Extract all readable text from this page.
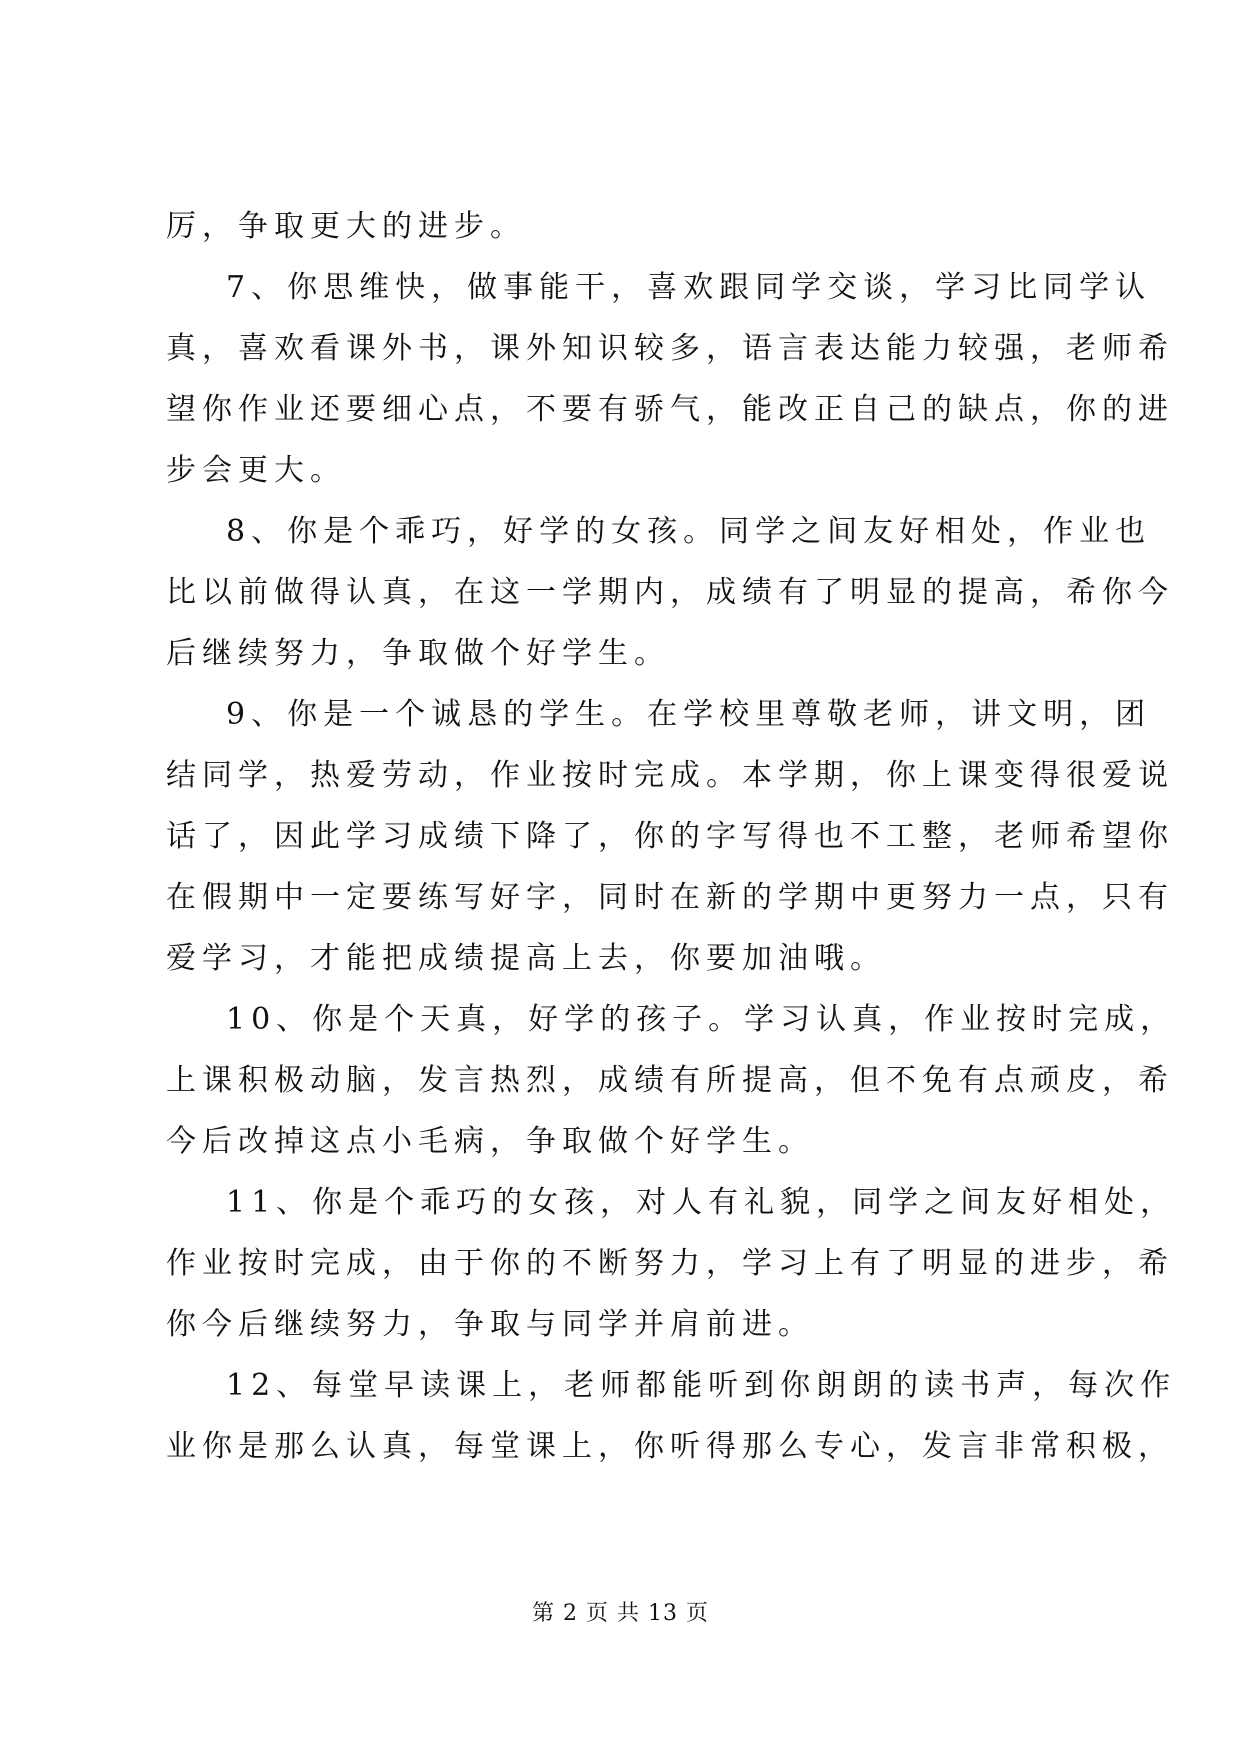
厉，争取更大的进步。
7、你思维快，做事能干，喜欢跟同学交谈，学习比同学认
真，喜欢看课外书，课外知识较多，语言表达能力较强，老师希
望你作业还要细心点，不要有骄气，能改正自己的缺点，你的进
步会更大。
8、你是个乖巧，好学的女孩。同学之间友好相处，作业也
比以前做得认真，在这一学期内，成绩有了明显的提高，希你今
后继续努力，争取做个好学生。
9、你是一个诚恳的学生。在学校里尊敬老师，讲文明，团
结同学，热爱劳动，作业按时完成。本学期，你上课变得很爱说
话了，因此学习成绩下降了，你的字写得也不工整，老师希望你
在假期中一定要练写好字，同时在新的学期中更努力一点，只有
爱学习，才能把成绩提高上去，你要加油哦。
10、你是个天真，好学的孩子。学习认真，作业按时完成，
上课积极动脑，发言热烈，成绩有所提高，但不免有点顽皮，希
今后改掉这点小毛病，争取做个好学生。
11、你是个乖巧的女孩，对人有礼貌，同学之间友好相处，
作业按时完成，由于你的不断努力，学习上有了明显的进步，希
你今后继续努力，争取与同学并肩前进。
12、每堂早读课上，老师都能听到你朗朗的读书声，每次作
业你是那么认真，每堂课上，你听得那么专心，发言非常积极，
第 2 页 共 13 页
